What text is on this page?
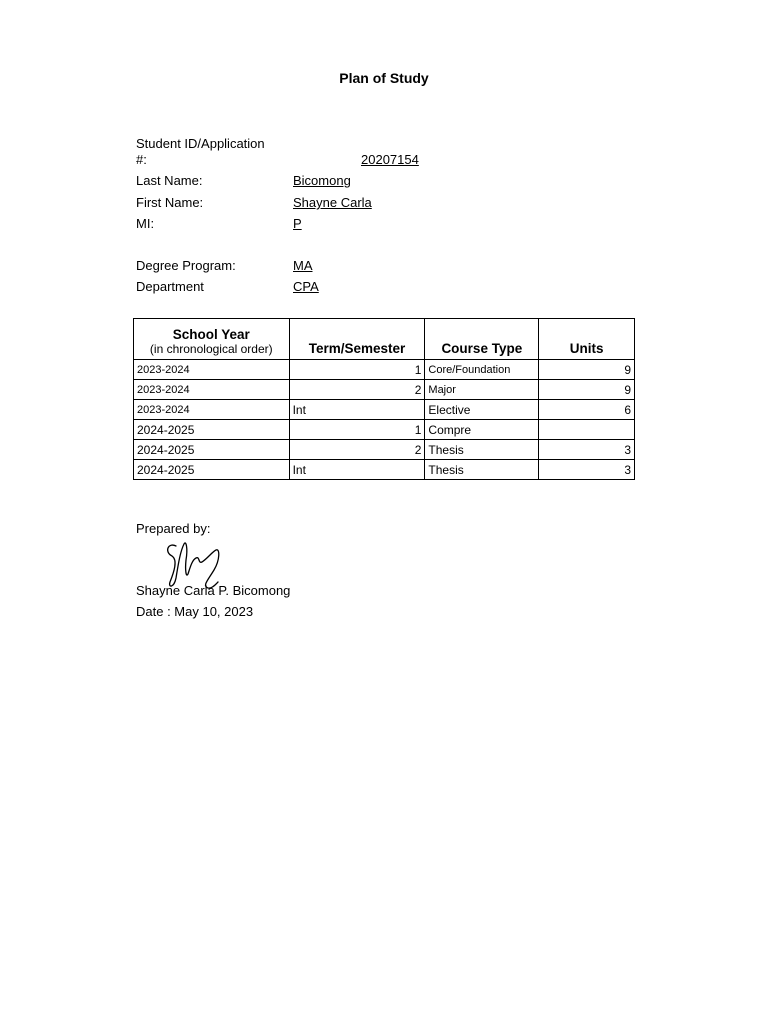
Plan of Study
Student ID/Application
#:	20207154
Last Name:	Bicomong
First Name:	Shayne Carla
MI:	P
Degree Program:	MA
Department	CPA
School Year
(in chronological order)	Term/Semester	Course Type	Units
2023-2024	1	Core/Foundation	9
2023-2024	2	Major	9
2023-2024	Int	Elective	6
2024-2025	1	Compre	
2024-2025	2	Thesis	3
2024-2025	Int	Thesis	3
Prepared by:
Shayne Carla P. Bicomong
Date : May 10, 2023
